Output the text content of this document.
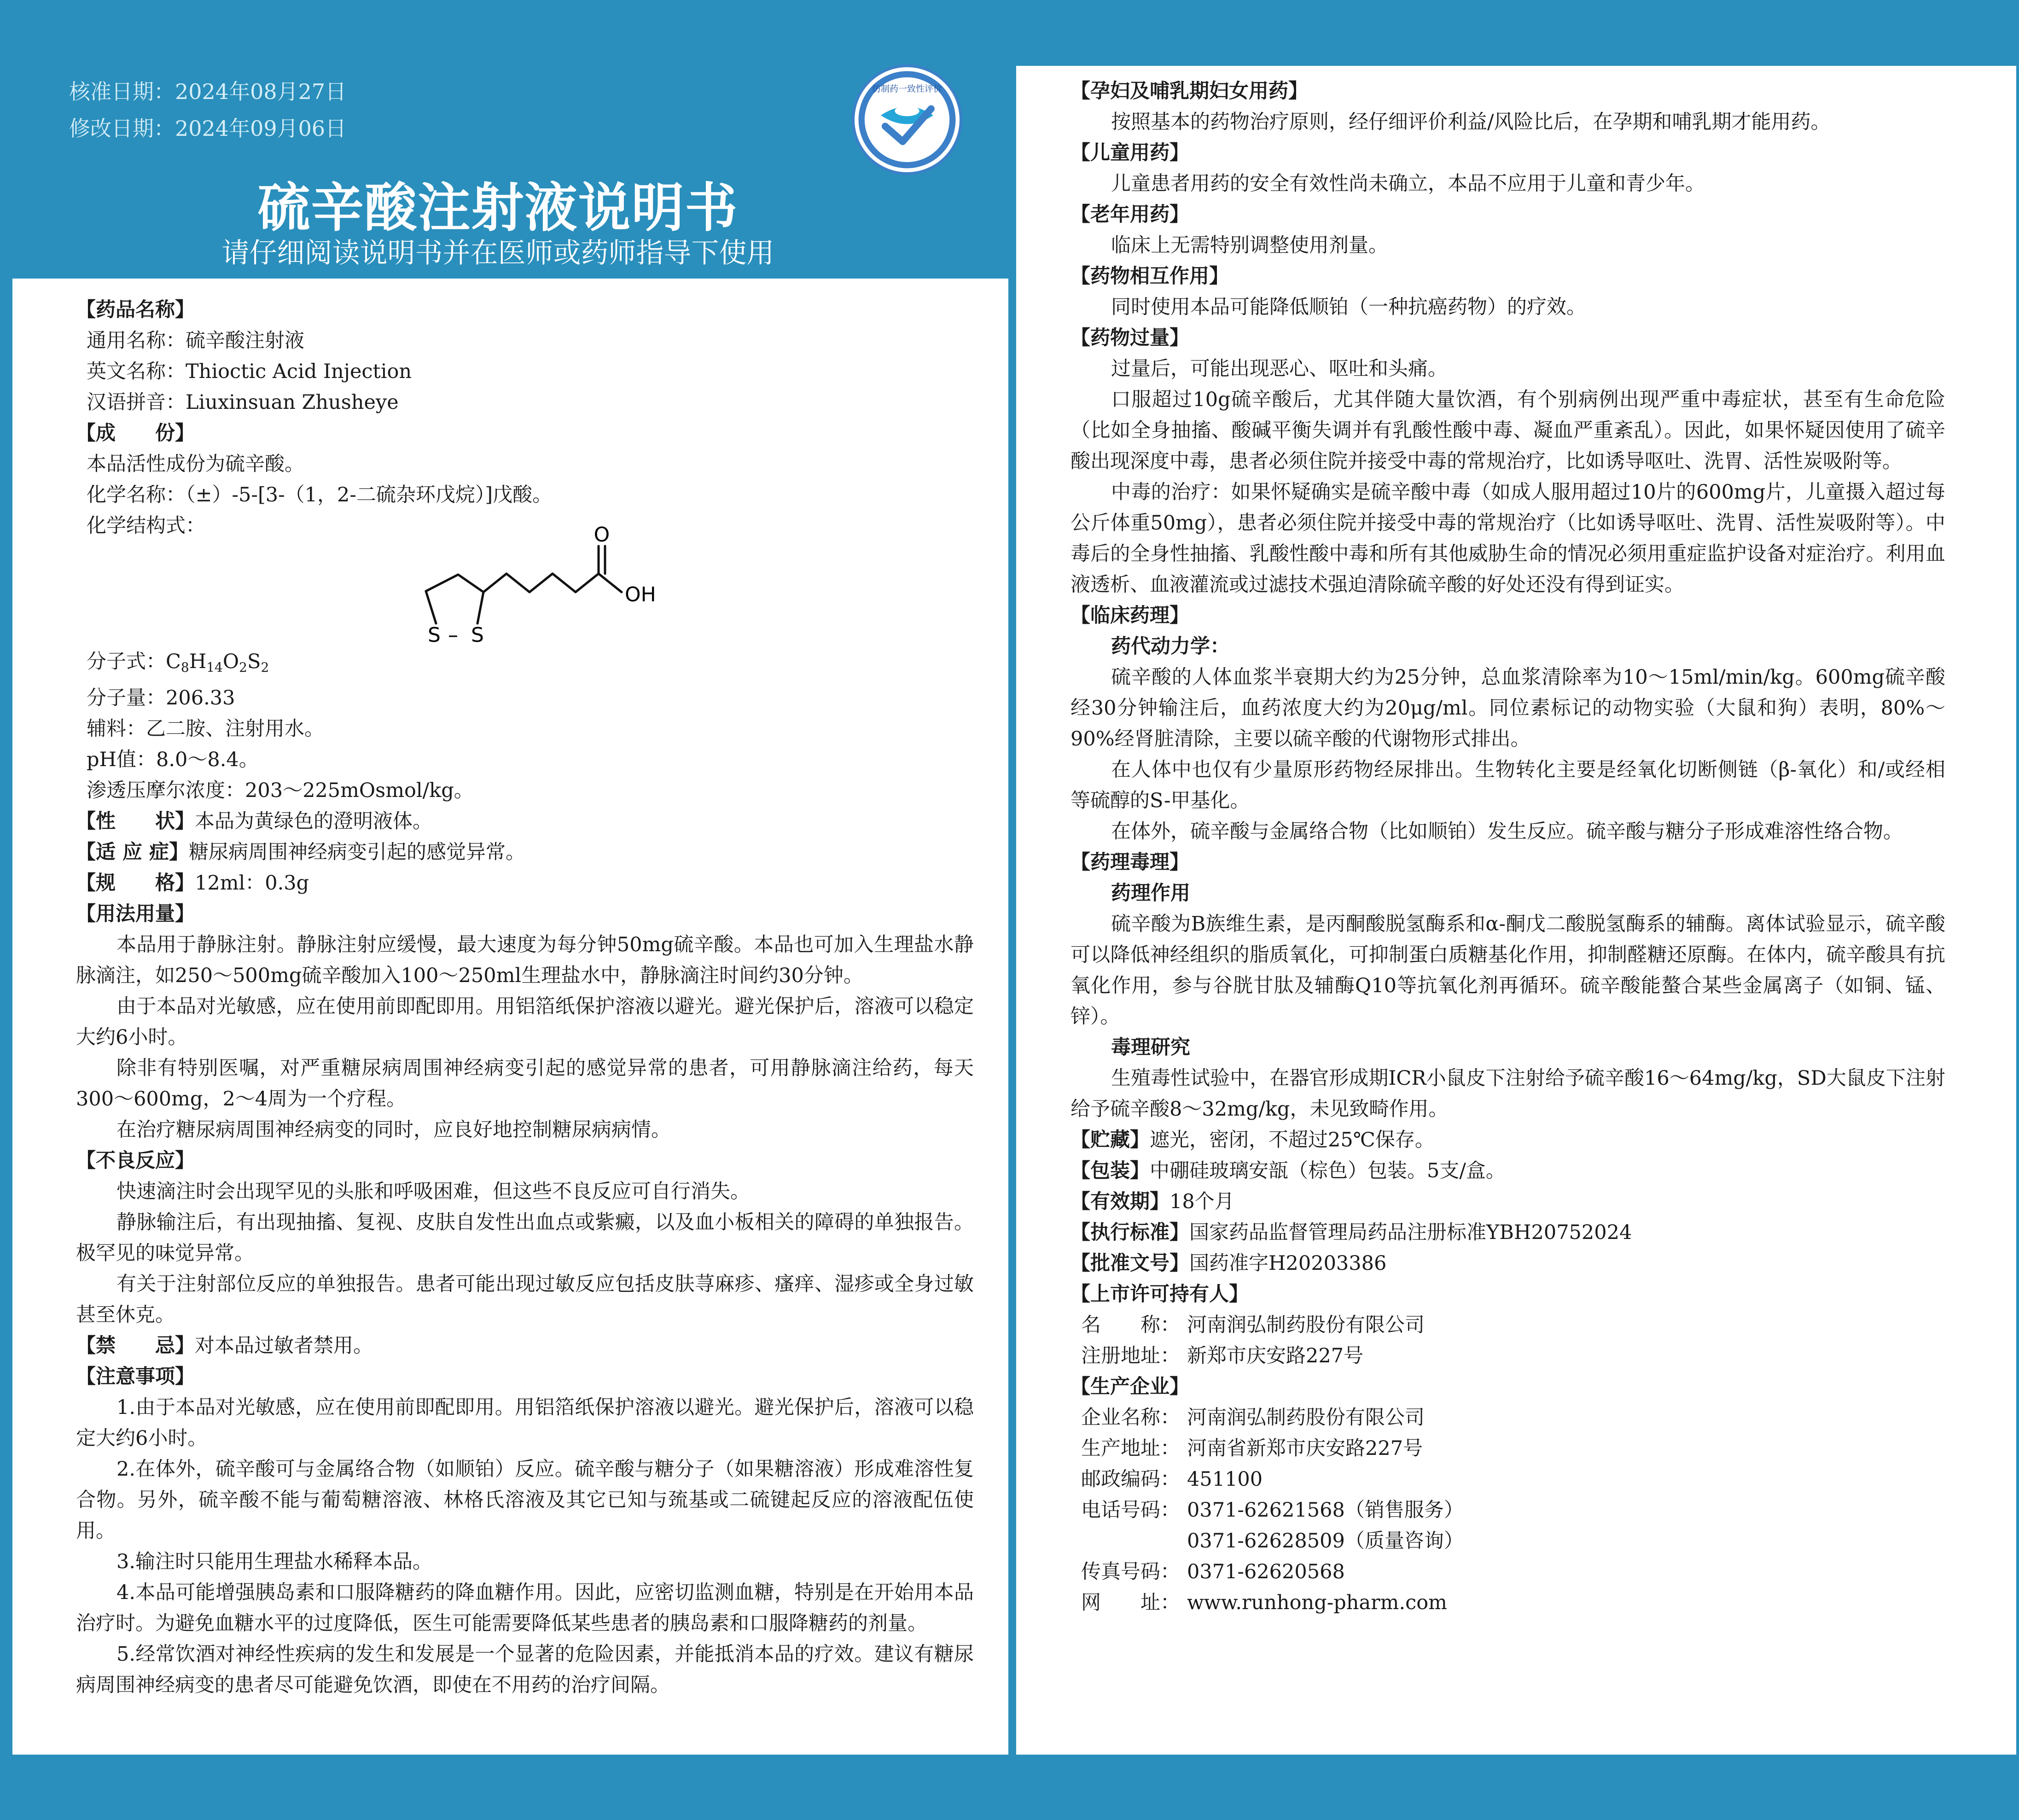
核准日期：2024年08月27日
修改日期：2024年09月06日
硫辛酸注射液说明书
请仔细阅读说明书并在医师或药师指导下使用
仿制药一致性评价
【药品名称】
通用名称：硫辛酸注射液
英文名称：Thioctic Acid Injection
汉语拼音：Liuxinsuan Zhusheye
【成　　份】
本品活性成份为硫辛酸。
化学名称：（±）-5-[3-（1，2-二硫杂环戊烷）]戊酸。
化学结构式：	O
OH
S – S
分子式：$C_8H_{14}O_2S_2$
分子量：206.33
辅料：乙二胺、注射用水。
pH值：8.0～8.4。
渗透压摩尔浓度：203～225mOsmol/kg。
【性　　状】本品为黄绿色的澄明液体。
【适 应 症】糖尿病周围神经病变引起的感觉异常。
【规　　格】12ml：0.3g
【用法用量】
本品用于静脉注射。静脉注射应缓慢，最大速度为每分钟50mg硫辛酸。本品也可加入生理盐水静脉滴注，如250～500mg硫辛酸加入100～250ml生理盐水中，静脉滴注时间约30分钟。
由于本品对光敏感，应在使用前即配即用。用铝箔纸保护溶液以避光。避光保护后，溶液可以稳定大约6小时。
除非有特别医嘱，对严重糖尿病周围神经病变引起的感觉异常的患者，可用静脉滴注给药，每天300～600mg，2～4周为一个疗程。
在治疗糖尿病周围神经病变的同时，应良好地控制糖尿病病情。
【不良反应】
快速滴注时会出现罕见的头胀和呼吸困难，但这些不良反应可自行消失。
静脉输注后，有出现抽搐、复视、皮肤自发性出血点或紫癜，以及血小板相关的障碍的单独报告。极罕见的味觉异常。
有关于注射部位反应的单独报告。患者可能出现过敏反应包括皮肤荨麻疹、瘙痒、湿疹或全身过敏甚至休克。
【禁　　忌】对本品过敏者禁用。
【注意事项】
1.由于本品对光敏感，应在使用前即配即用。用铝箔纸保护溶液以避光。避光保护后，溶液可以稳定大约6小时。
2.在体外，硫辛酸可与金属络合物（如顺铂）反应。硫辛酸与糖分子（如果糖溶液）形成难溶性复合物。另外，硫辛酸不能与葡萄糖溶液、林格氏溶液及其它已知与巯基或二硫键起反应的溶液配伍使用。
3.输注时只能用生理盐水稀释本品。
4.本品可能增强胰岛素和口服降糖药的降血糖作用。因此，应密切监测血糖，特别是在开始用本品治疗时。为避免血糖水平的过度降低，医生可能需要降低某些患者的胰岛素和口服降糖药的剂量。
5.经常饮酒对神经性疾病的发生和发展是一个显著的危险因素，并能抵消本品的疗效。建议有糖尿病周围神经病变的患者尽可能避免饮酒，即使在不用药的治疗间隔。
【孕妇及哺乳期妇女用药】
按照基本的药物治疗原则，经仔细评价利益/风险比后，在孕期和哺乳期才能用药。
【儿童用药】
儿童患者用药的安全有效性尚未确立，本品不应用于儿童和青少年。
【老年用药】
临床上无需特别调整使用剂量。
【药物相互作用】
同时使用本品可能降低顺铂（一种抗癌药物）的疗效。
【药物过量】
过量后，可能出现恶心、呕吐和头痛。
口服超过10g硫辛酸后，尤其伴随大量饮酒，有个别病例出现严重中毒症状，甚至有生命危险（比如全身抽搐、酸碱平衡失调并有乳酸性酸中毒、凝血严重紊乱）。因此，如果怀疑因使用了硫辛酸出现深度中毒，患者必须住院并接受中毒的常规治疗，比如诱导呕吐、洗胃、活性炭吸附等。
中毒的治疗：如果怀疑确实是硫辛酸中毒（如成人服用超过10片的600mg片，儿童摄入超过每公斤体重50mg），患者必须住院并接受中毒的常规治疗（比如诱导呕吐、洗胃、活性炭吸附等）。中毒后的全身性抽搐、乳酸性酸中毒和所有其他威胁生命的情况必须用重症监护设备对症治疗。利用血液透析、血液灌流或过滤技术强迫清除硫辛酸的好处还没有得到证实。
【临床药理】
药代动力学：
硫辛酸的人体血浆半衰期大约为25分钟，总血浆清除率为10～15ml/min/kg。600mg硫辛酸经30分钟输注后，血药浓度大约为20μg/ml。同位素标记的动物实验（大鼠和狗）表明，80%～90%经肾脏清除，主要以硫辛酸的代谢物形式排出。
在人体中也仅有少量原形药物经尿排出。生物转化主要是经氧化切断侧链（β-氧化）和/或经相等硫醇的S-甲基化。
在体外，硫辛酸与金属络合物（比如顺铂）发生反应。硫辛酸与糖分子形成难溶性络合物。
【药理毒理】
药理作用
硫辛酸为B族维生素，是丙酮酸脱氢酶系和α-酮戊二酸脱氢酶系的辅酶。离体试验显示，硫辛酸可以降低神经组织的脂质氧化，可抑制蛋白质糖基化作用，抑制醛糖还原酶。在体内，硫辛酸具有抗氧化作用，参与谷胱甘肽及辅酶Q10等抗氧化剂再循环。硫辛酸能螯合某些金属离子（如铜、锰、锌）。
毒理研究
生殖毒性试验中，在器官形成期ICR小鼠皮下注射给予硫辛酸16～64mg/kg，SD大鼠皮下注射给予硫辛酸8～32mg/kg，未见致畸作用。
【贮藏】遮光，密闭，不超过25℃保存。
【包装】中硼硅玻璃安瓿（棕色）包装。5支/盒。
【有效期】18个月
【执行标准】国家药品监督管理局药品注册标准YBH20752024
【批准文号】国药准字H20203386
【上市许可持有人】
名　　称： 河南润弘制药股份有限公司
注册地址： 新郑市庆安路227号
【生产企业】
企业名称： 河南润弘制药股份有限公司
生产地址： 河南省新郑市庆安路227号
邮政编码： 451100
电话号码： 0371-62621568（销售服务）
0371-62628509（质量咨询）
传真号码： 0371-62620568
网　　址： www.runhong-pharm.com
